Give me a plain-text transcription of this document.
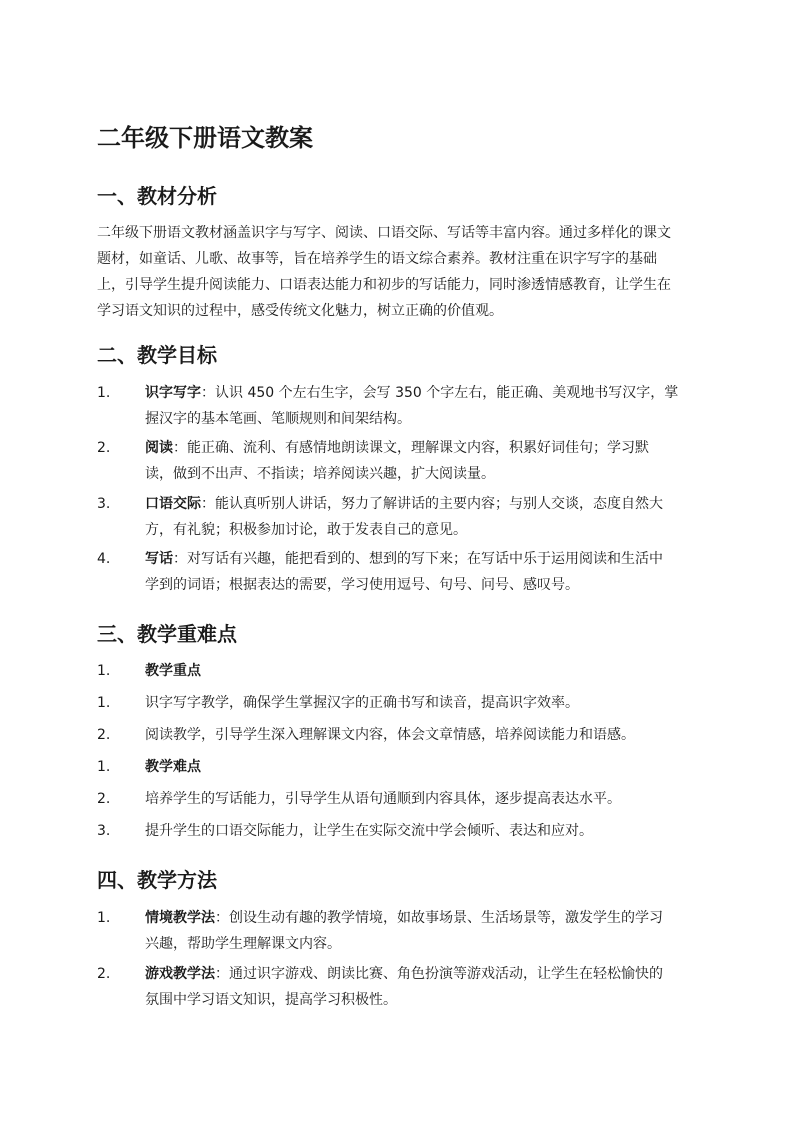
二年级下册语文教案
一、教材分析

二年级下册语文教材涵盖识字与写字、阅读、口语交际、写话等丰富内容。通过多样化的课文
题材，如童话、儿歌、故事等，旨在培养学生的语文综合素养。教材注重在识字写字的基础
上，引导学生提升阅读能力、口语表达能力和初步的写话能力，同时渗透情感教育，让学生在
学习语文知识的过程中，感受传统文化魅力，树立正确的价值观。

二、教学目标
1.	识字写字：认识 450 个左右生字，会写 350 个字左右，能正确、美观地书写汉字，掌
握汉字的基本笔画、笔顺规则和间架结构。
2.	阅读：能正确、流利、有感情地朗读课文，理解课文内容，积累好词佳句；学习默
读，做到不出声、不指读；培养阅读兴趣，扩大阅读量。
3.	口语交际：能认真听别人讲话，努力了解讲话的主要内容；与别人交谈，态度自然大
方，有礼貌；积极参加讨论，敢于发表自己的意见。
4.	写话：对写话有兴趣，能把看到的、想到的写下来；在写话中乐于运用阅读和生活中
学到的词语；根据表达的需要，学习使用逗号、句号、问号、感叹号。
三、教学重难点
1.	教学重点
1.	识字写字教学，确保学生掌握汉字的正确书写和读音，提高识字效率。
2.	阅读教学，引导学生深入理解课文内容，体会文章情感，培养阅读能力和语感。
1.	教学难点
2.	培养学生的写话能力，引导学生从语句通顺到内容具体，逐步提高表达水平。
3.	提升学生的口语交际能力，让学生在实际交流中学会倾听、表达和应对。
四、教学方法
1.	情境教学法：创设生动有趣的教学情境，如故事场景、生活场景等，激发学生的学习
兴趣，帮助学生理解课文内容。
2.	游戏教学法：通过识字游戏、朗读比赛、角色扮演等游戏活动，让学生在轻松愉快的
氛围中学习语文知识，提高学习积极性。
